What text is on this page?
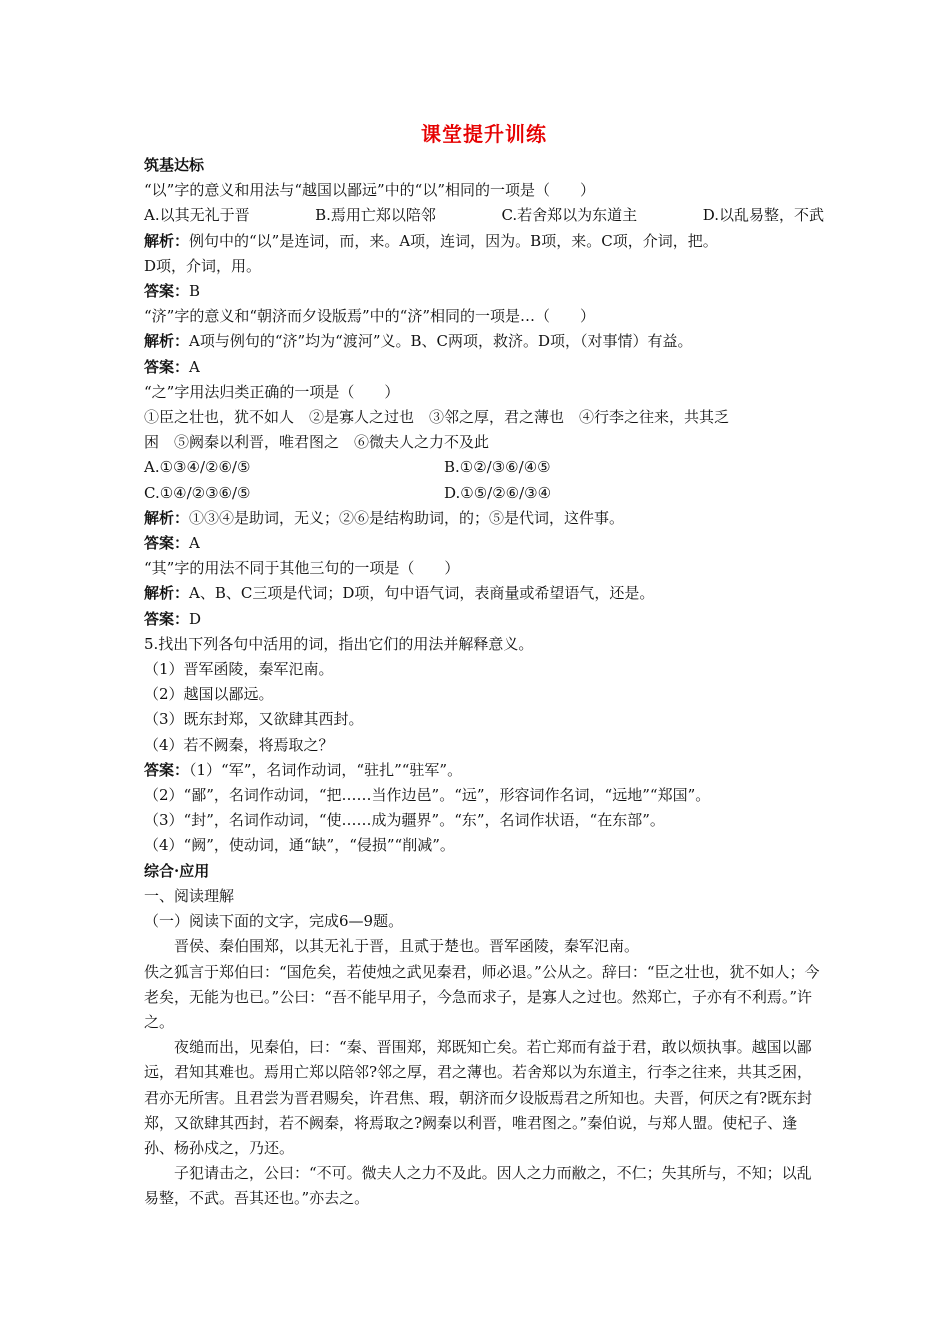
课堂提升训练
筑基达标
“以”字的意义和用法与“越国以鄙远”中的“以”相同的一项是（　　）
A.以其无礼于晋	B.焉用亡郑以陪邻	C.若舍郑以为东道主	D.以乱易整，不武
解析：例句中的“以”是连词，而，来。A项，连词，因为。B项，来。C项，介词，把。
D项，介词，用。
答案：B
“济”字的意义和“朝济而夕设版焉”中的“济”相同的一项是…（　　）
解析：A项与例句的“济”均为“渡河”义。B、C两项，救济。D项，（对事情）有益。
答案：A
“之”字用法归类正确的一项是（　　）
①臣之壮也，犹不如人　②是寡人之过也　③邻之厚，君之薄也　④行李之往来，共其乏
困　⑤阙秦以利晋，唯君图之　⑥微夫人之力不及此
A.①③④/②⑥/⑤	B.①②/③⑥/④⑤
C.①④/②③⑥/⑤	D.①⑤/②⑥/③④
解析：①③④是助词，无义；②⑥是结构助词，的；⑤是代词，这件事。
答案：A
“其”字的用法不同于其他三句的一项是（　　）
解析：A、B、C三项是代词；D项，句中语气词，表商量或希望语气，还是。
答案：D
5.找出下列各句中活用的词，指出它们的用法并解释意义。
（1）晋军函陵，秦军氾南。
（2）越国以鄙远。
（3）既东封郑，又欲肆其西封。
（4）若不阙秦，将焉取之？
答案：（1）“军”，名词作动词，“驻扎”“驻军”。
（2）“鄙”，名词作动词，“把……当作边邑”。“远”，形容词作名词，“远地”“郑国”。
（3）“封”，名词作动词，“使……成为疆界”。“东”，名词作状语，“在东部”。
（4）“阙”，使动词，通“缺”，“侵损”“削减”。
综合·应用
一、阅读理解
（一）阅读下面的文字，完成6—9题。
晋侯、秦伯围郑，以其无礼于晋，且贰于楚也。晋军函陵，秦军氾南。
佚之狐言于郑伯曰：“国危矣，若使烛之武见秦君，师必退。”公从之。辞曰：“臣之壮也，犹不如人；今老矣，无能为也已。”公曰：“吾不能早用子，今急而求子，是寡人之过也。然郑亡，子亦有不利焉。”许之。
夜缒而出，见秦伯，曰：“秦、晋围郑，郑既知亡矣。若亡郑而有益于君，敢以烦执事。越国以鄙远，君知其难也。焉用亡郑以陪邻?邻之厚，君之薄也。若舍郑以为东道主，行李之往来，共其乏困，君亦无所害。且君尝为晋君赐矣，许君焦、瑕，朝济而夕设版焉君之所知也。夫晋，何厌之有?既东封郑，又欲肆其西封，若不阙秦，将焉取之?阙秦以利晋，唯君图之。”秦伯说，与郑人盟。使杞子、逢孙、杨孙戍之，乃还。
子犯请击之，公曰：“不可。微夫人之力不及此。因人之力而敝之，不仁；失其所与，不知；以乱易整，不武。吾其还也。”亦去之。
